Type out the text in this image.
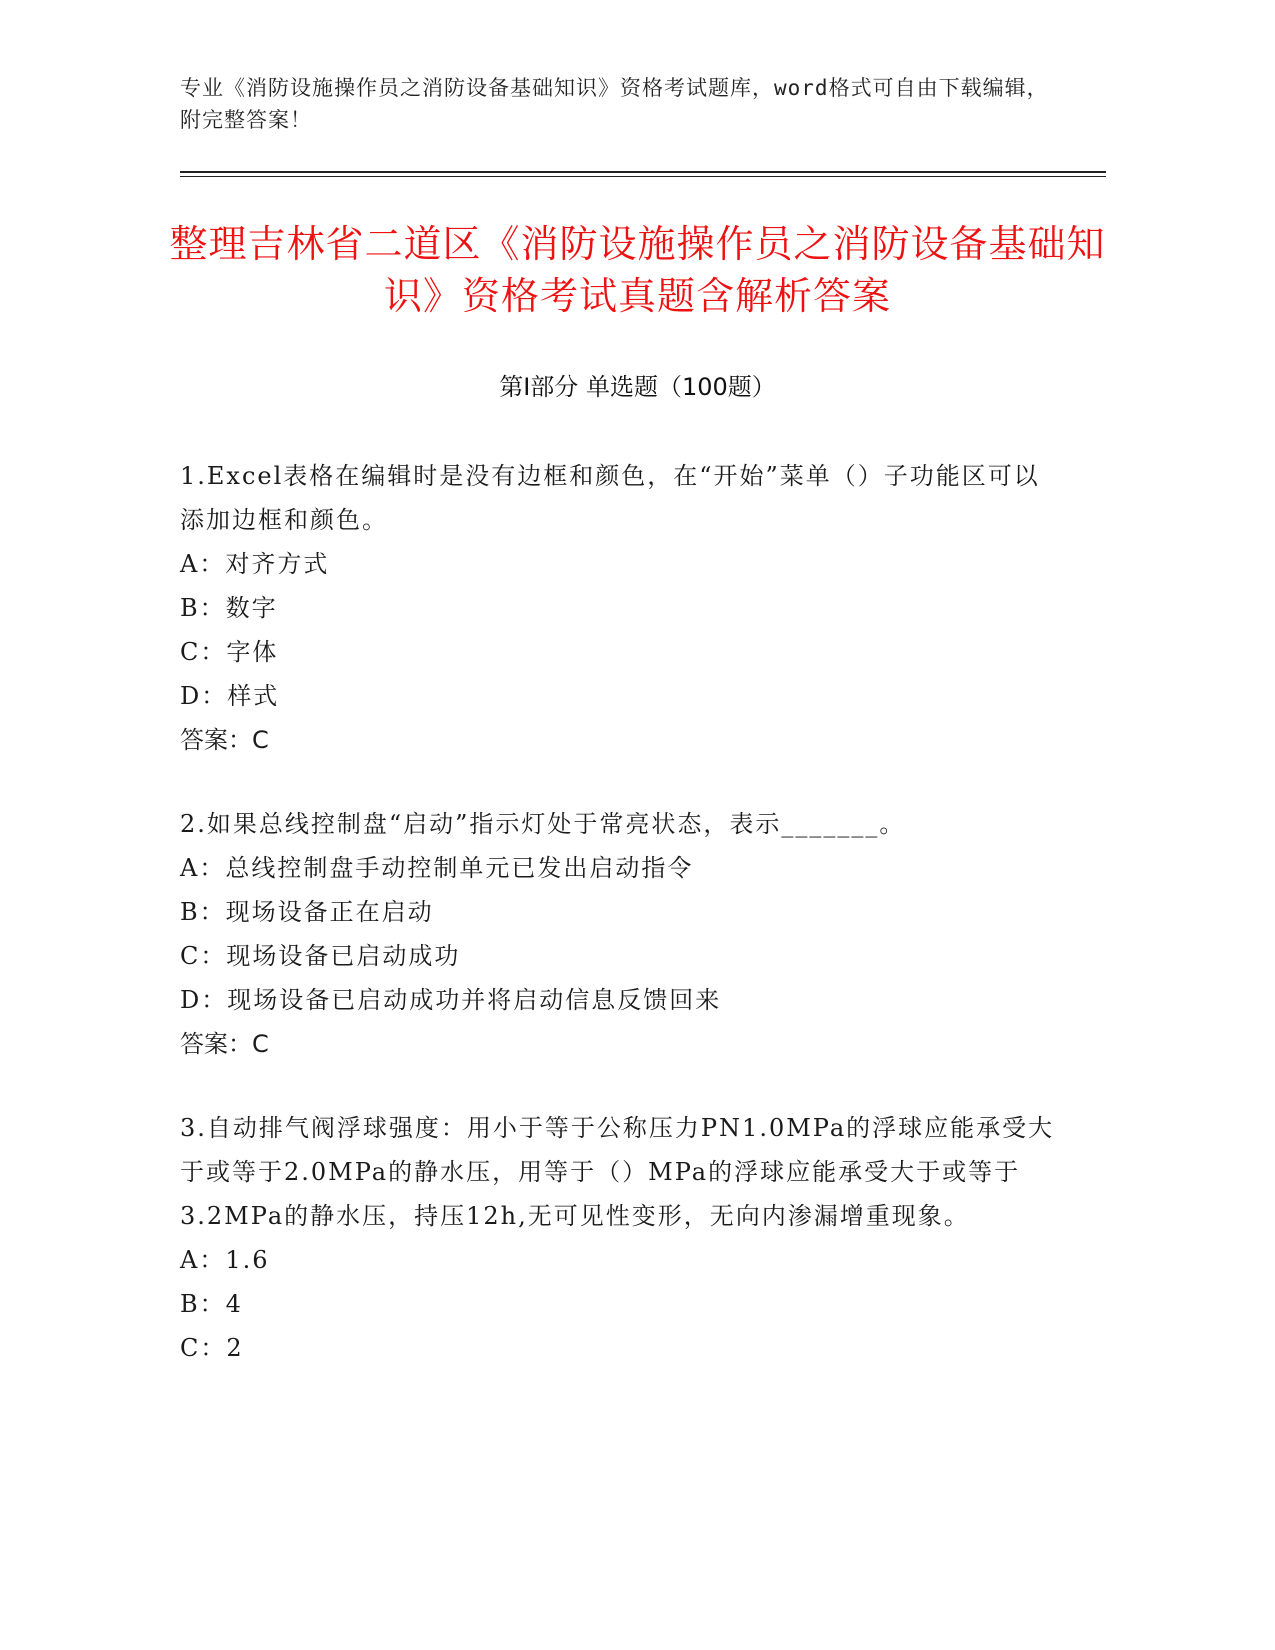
专业《消防设施操作员之消防设备基础知识》资格考试题库，word格式可自由下载编辑，附完整答案！
整理吉林省二道区《消防设施操作员之消防设备基础知识》资格考试真题含解析答案
第Ⅰ部分 单选题（100题）

1.Excel表格在编辑时是没有边框和颜色，在“开始”菜单（）子功能区可以添加边框和颜色。

A：对齐方式

B：数字

C：字体

D：样式

答案：C

2.如果总线控制盘“启动”指示灯处于常亮状态，表示_______。

A：总线控制盘手动控制单元已发出启动指令

B：现场设备正在启动

C：现场设备已启动成功

D：现场设备已启动成功并将启动信息反馈回来

答案：C

3.自动排气阀浮球强度：用小于等于公称压力PN1.0MPa的浮球应能承受大于或等于2.0MPa的静水压，用等于（）MPa的浮球应能承受大于或等于3.2MPa的静水压，持压12h,无可见性变形，无向内渗漏增重现象。

A：1.6

B：4

C：2
